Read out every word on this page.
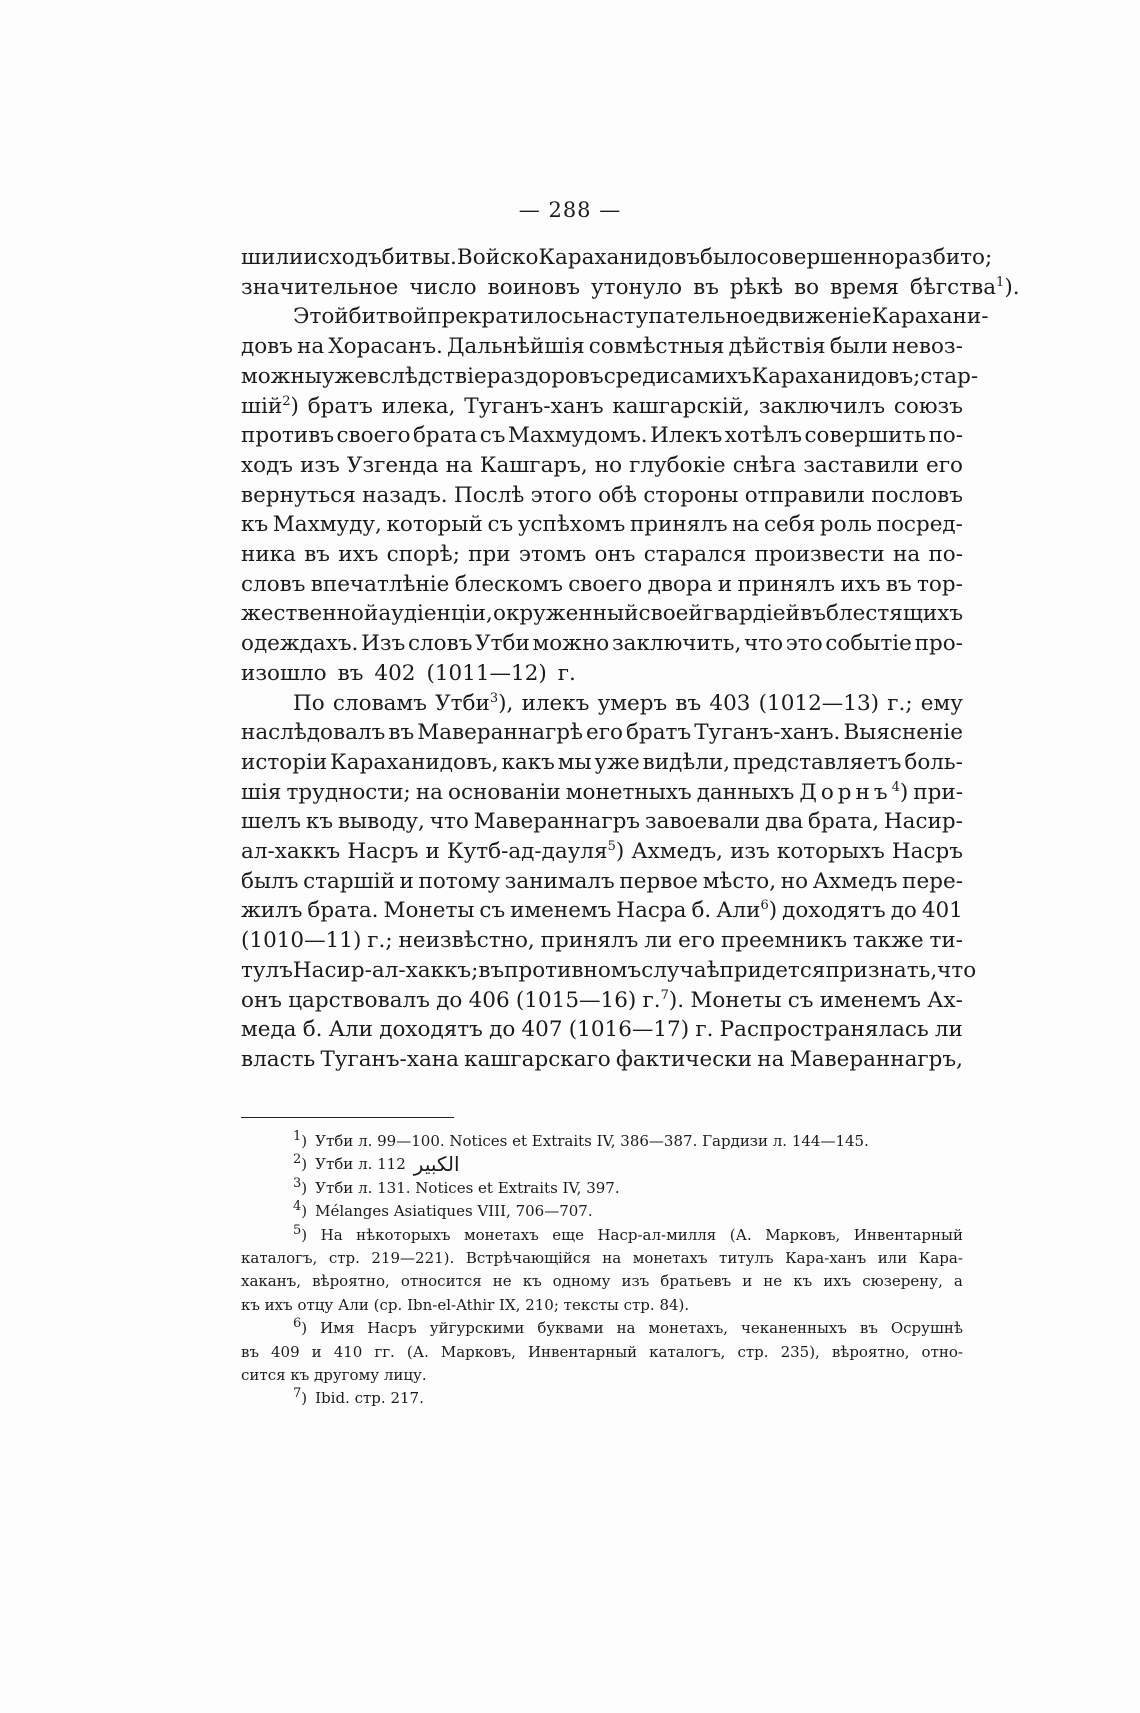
— 288 —
шили исходъ битвы. Войско Караханидовъ было совершенно разбито;
значительное число воиновъ утонуло въ рѣкѣ во время бѣгства$^1$).
Этой битвой прекратилось наступательное движеніе Карахани-
довъ на Хорасанъ. Дальнѣйшія совмѣстныя дѣйствія были невоз-
можны уже вслѣдствіе раздоровъ среди самихъ Караханидовъ; стар-
шій$^2$) братъ илека, Туганъ-ханъ кашгарскій, заключилъ союзъ
противъ своего брата съ Махмудомъ. Илекъ хотѣлъ совершить по-
ходъ изъ Узгенда на Кашгаръ, но глубокіе снѣга заставили его
вернуться назадъ. Послѣ этого обѣ стороны отправили пословъ
къ Махмуду, который съ успѣхомъ принялъ на себя роль посред-
ника въ ихъ спорѣ; при этомъ онъ старался произвести на по-
словъ впечатлѣніе блескомъ своего двора и принялъ ихъ въ тор-
жественной аудіенціи, окруженный своей гвардіей въ блестящихъ
одеждахъ. Изъ словъ Утби можно заключить, что это событіе про-
изошло въ 402 (1011—12) г.
По словамъ Утби$^3$), илекъ умеръ въ 403 (1012—13) г.; ему
наслѣдовалъ въ Мавераннагрѣ его братъ Туганъ-ханъ. Выясненіе
исторіи Караханидовъ, какъ мы уже видѣли, представляетъ боль-
шія трудности; на основаніи монетныхъ данныхъ Дорнъ$^4$) при-
шелъ къ выводу, что Мавераннагръ завоевали два брата, Насир-
ал-хаккъ Насръ и Кутб-ад-дауля$^5$) Ахмедъ, изъ которыхъ Насръ
былъ старшій и потому занималъ первое мѣсто, но Ахмедъ пере-
жилъ брата. Монеты съ именемъ Насра б. Али$^6$) доходятъ до 401
(1010—11) г.; неизвѣстно, принялъ ли его преемникъ также ти-
тулъ Насир-ал-хаккъ; въ противномъ случаѣ придется признать, что
онъ царствовалъ до 406 (1015—16) г.$^7$). Монеты съ именемъ Ах-
меда б. Али доходятъ до 407 (1016—17) г. Распространялась ли
власть Туганъ-хана кашгарскаго фактически на Мавераннагръ,
$^1$) Утби л. 99—100. Notices et Extraits IV, 386—387. Гардизи л. 144—145.
$^2$) Утби л. 112 الكبير
$^3$) Утби л. 131. Notices et Extraits IV, 397.
$^4$) Mélanges Asiatiques VIII, 706—707.
$^5$) На нѣкоторыхъ монетахъ еще Наср-ал-милля (А. Марковъ, Инвентарный
каталогъ, стр. 219—221). Встрѣчающійся на монетахъ титулъ Кара-ханъ или Кара-
хаканъ, вѣроятно, относится не къ одному изъ братьевъ и не къ ихъ сюзерену, а
къ ихъ отцу Али (ср. Ibn-el-Athir IX, 210; тексты стр. 84).
$^6$) Имя Насръ уйгурскими буквами на монетахъ, чеканенныхъ въ Осрушнѣ
въ 409 и 410 гг. (А. Марковъ, Инвентарный каталогъ, стр. 235), вѣроятно, отно-
сится къ другому лицу.
$^7$) Ibid. стр. 217.
